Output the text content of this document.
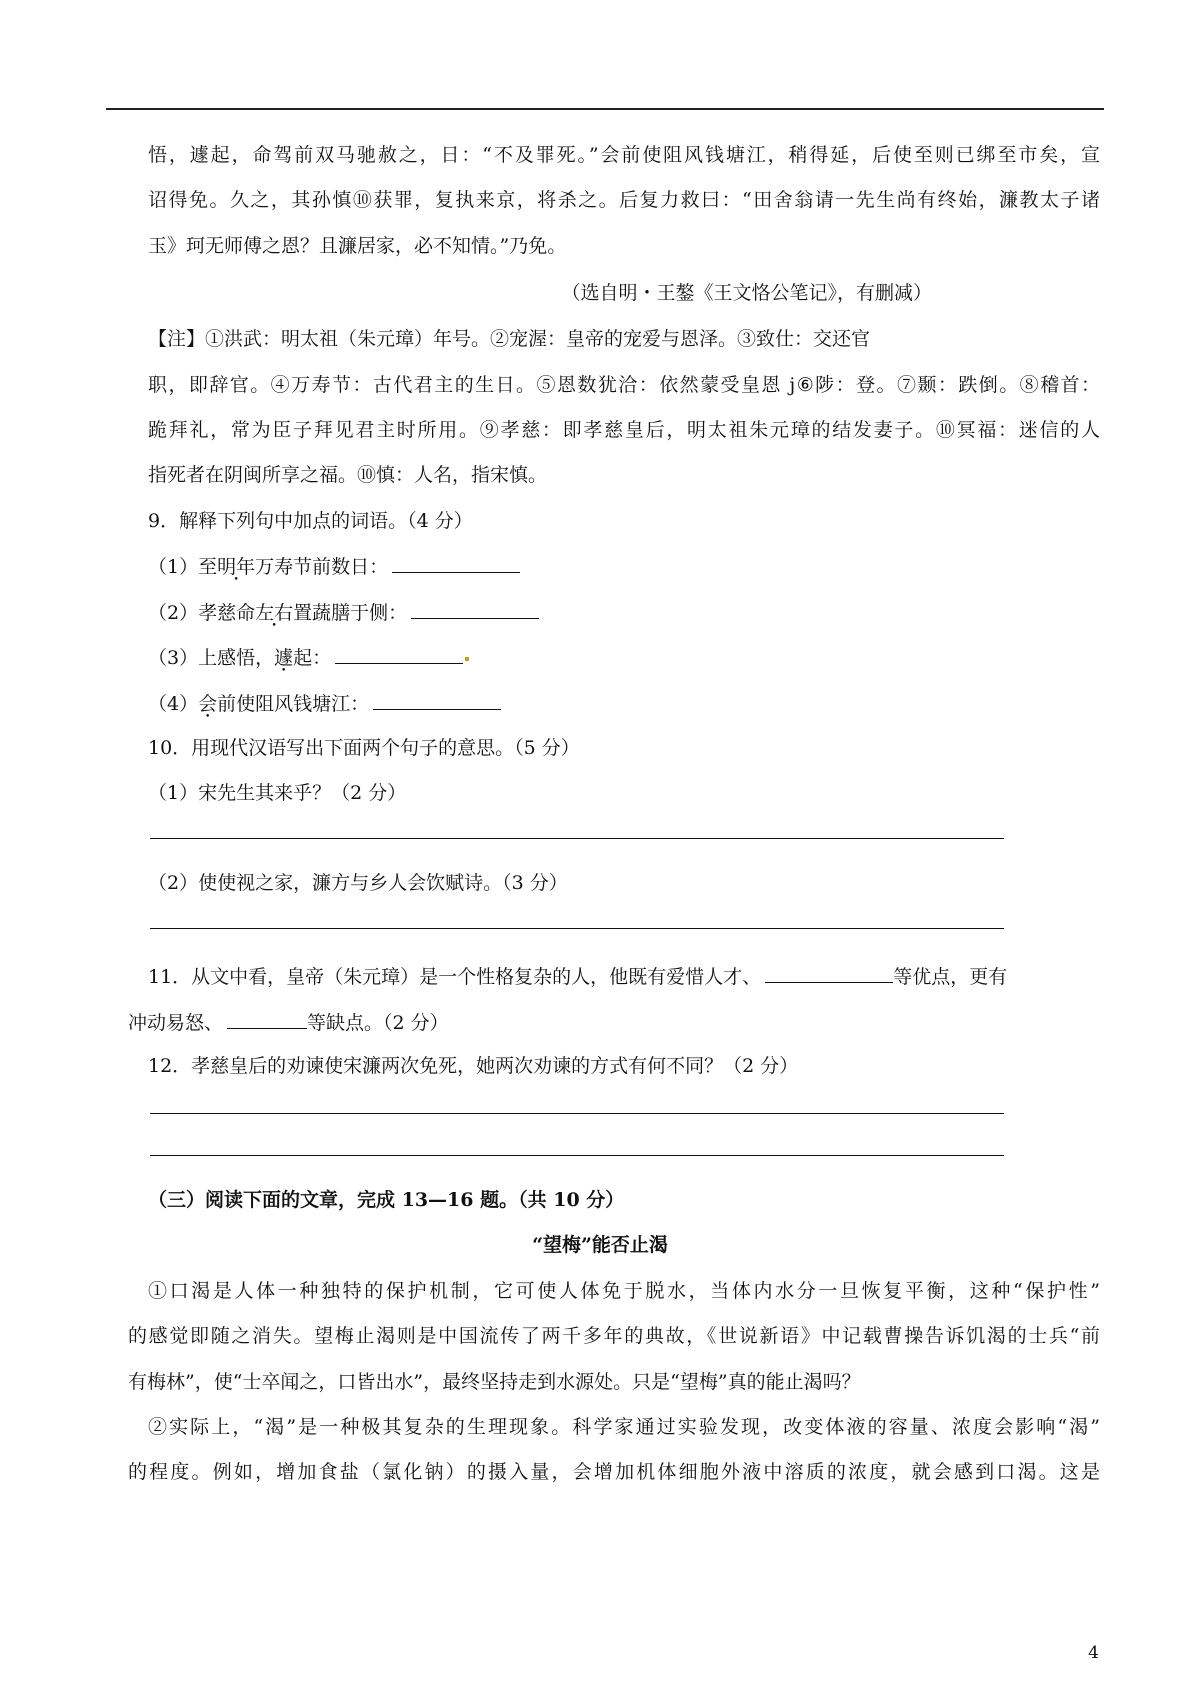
悟，遽起，命驾前双马驰赦之，日：“不及罪死。”会前使阻风钱塘江，稍得延，后使至则已绑至市矣，宣
诏得免。久之，其孙慎⑩获罪，复执来京，将杀之。后复力救曰：“田舍翁请一先生尚有终始，濂教太子诸
玉》珂无师傅之恩？且濂居家，必不知情。”乃免。
（选自明・王鏊《王文恪公笔记》，有删减）
【注】①洪武：明太祖（朱元璋）年号。②宠渥：皇帝的宠爱与恩泽。③致仕：交还官
职，即辞官。④万寿节：古代君主的生日。⑤恩数犹洽：依然蒙受皇恩 j⑥陟：登。⑦颞：跌倒。⑧稽首：
跪拜礼，常为臣子拜见君主时所用。⑨孝慈：即孝慈皇后，明太祖朱元璋的结发妻子。⑩冥福：迷信的人
指死者在阴闽所享之福。⑩慎：人名，指宋慎。
9．解释下列句中加点的词语。（4 分）
（1）至明年万寿节前数日：
（2）孝慈命左右置蔬膳于侧：
（3）上感悟，遽起：
（4）会前使阻风钱塘江：
10．用现代汉语写出下面两个句子的意思。（5 分）
（1）宋先生其来乎？（2 分）
（2）使使视之家，濂方与乡人会饮赋诗。（3 分）
11．从文中看，皇帝（朱元璋）是一个性格复杂的人，他既有爱惜人才、	等优点，更有
冲动易怒、	等缺点。（2 分）
12．孝慈皇后的劝谏使宋濂两次免死，她两次劝谏的方式有何不同？（2 分）
（三）阅读下面的文章，完成 13—16 题。（共 10 分）
“望梅”能否止渴
①口渴是人体一种独特的保护机制，它可使人体免于脱水，当体内水分一旦恢复平衡，这种“保护性”
的感觉即随之消失。望梅止渴则是中国流传了两千多年的典故，《世说新语》中记载曹操告诉饥渴的士兵“前
有梅林”，使“士卒闻之，口皆出水”，最终坚持走到水源处。只是“望梅”真的能止渴吗？
②实际上，“渴”是一种极其复杂的生理现象。科学家通过实验发现，改变体液的容量、浓度会影响“渴”
的程度。例如，增加食盐（氯化钠）的摄入量，会增加机体细胞外液中溶质的浓度，就会感到口渴。这是
4
